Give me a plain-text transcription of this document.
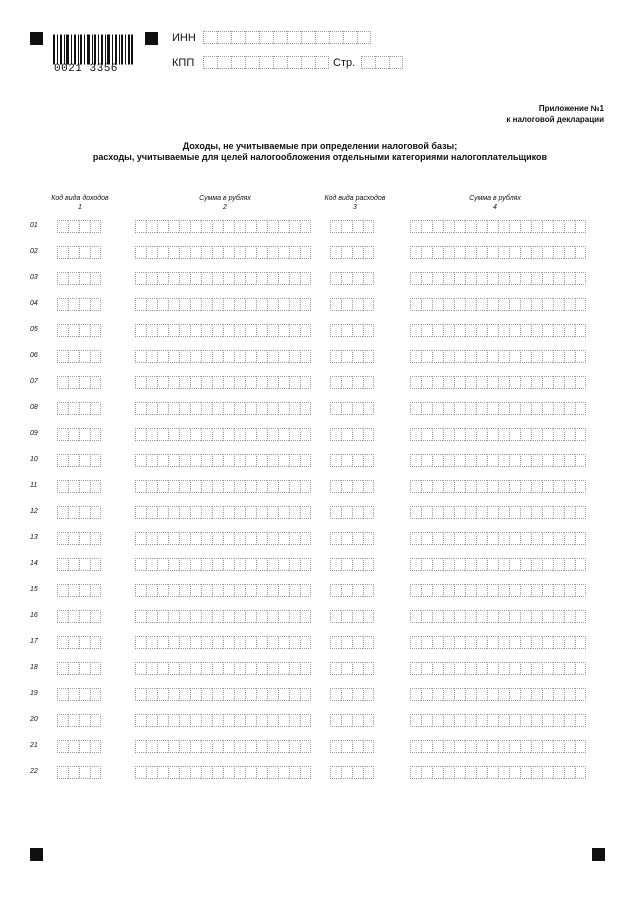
0021 3356
ИНН
КПП	Стр.
Приложение №1
к налоговой декларации
Доходы, не учитываемые при определении налоговой базы;
расходы, учитываемые для целей налогообложения отдельными категориями налогоплательщиков
Код вида доходов
1
Сумма в рублях
2
Код вида расходов
3
Сумма в рублях
4
01
02
03
04
05
06
07
08
09
10
11
12
13
14
15
16
17
18
19
20
21
22
